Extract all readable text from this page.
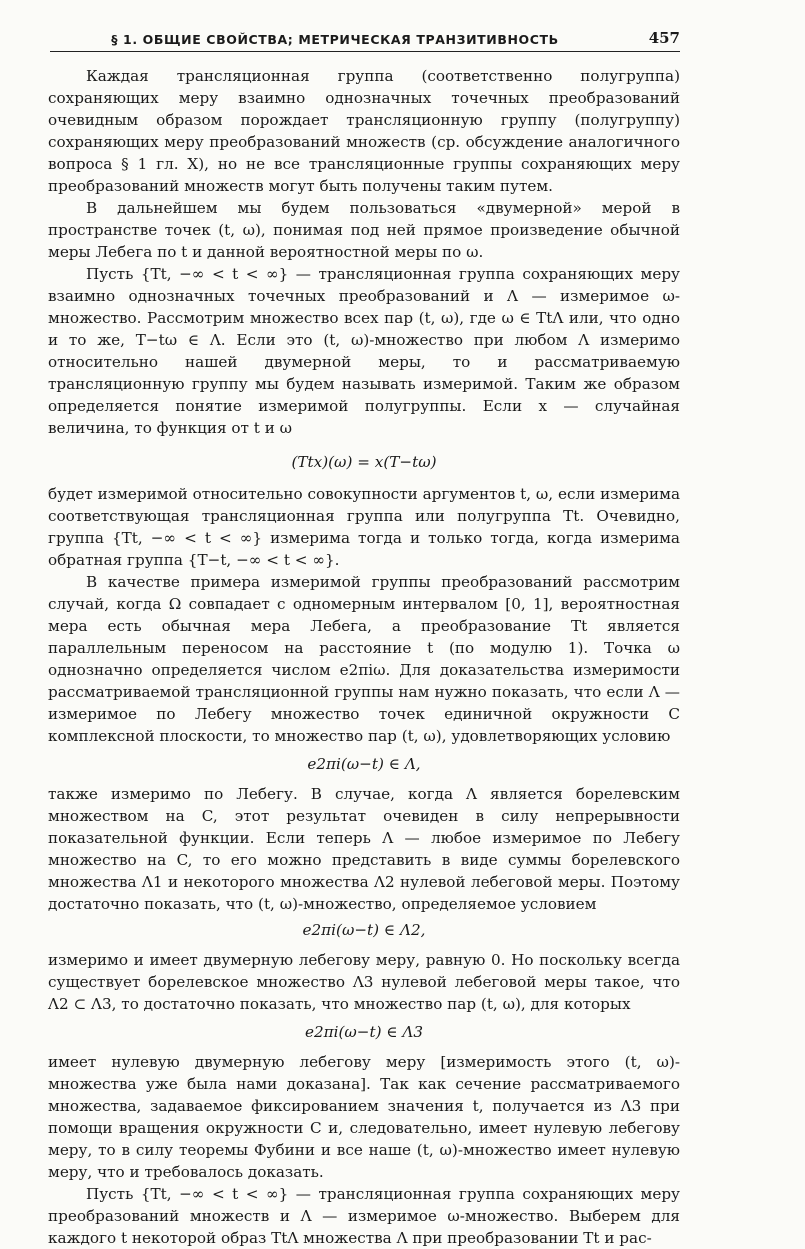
§ 1. ОБЩИЕ СВОЙСТВА; МЕТРИЧЕСКАЯ ТРАНЗИТИВНОСТЬ	457

Каждая трансляционная группа (соответственно полугруппа) сохраняющих меру взаимно однозначных точечных преобразований очевидным образом порождает трансляционную группу (полугруппу) сохраняющих меру преобразований множеств (ср. обсуждение аналогичного вопроса § 1 гл. X), но не все трансляционные группы сохраняющих меру преобразований множеств могут быть получены таким путем.

В дальнейшем мы будем пользоваться «двумерной» мерой в пространстве точек (t, ω), понимая под ней прямое произведение обычной меры Лебега по t и данной вероятностной меры по ω.

Пусть {Tt, −∞ < t < ∞} — трансляционная группа сохраняющих меру взаимно однозначных точечных преобразований и Λ — измеримое ω-множество. Рассмотрим множество всех пар (t, ω), где ω ∈ TtΛ или, что одно и то же, T−tω ∈ Λ. Если это (t, ω)-множество при любом Λ измеримо относительно нашей двумерной меры, то и рассматриваемую трансляционную группу мы будем называть измеримой. Таким же образом определяется понятие измеримой полугруппы. Если x — случайная величина, то функция от t и ω

(Ttx)(ω) = x(T−tω)

будет измеримой относительно совокупности аргументов t, ω, если измерима соответствующая трансляционная группа или полугруппа Tt. Очевидно, группа {Tt, −∞ < t < ∞} измерима тогда и только тогда, когда измерима обратная группа {T−t, −∞ < t < ∞}.

В качестве примера измеримой группы преобразований рассмотрим случай, когда Ω совпадает с одномерным интервалом [0, 1], вероятностная мера есть обычная мера Лебега, а преобразование Tt является параллельным переносом на расстояние t (по модулю 1). Точка ω однозначно определяется числом e2πiω. Для доказательства измеримости рассматриваемой трансляционной группы нам нужно показать, что если Λ — измеримое по Лебегу множество точек единичной окружности C комплексной плоскости, то множество пар (t, ω), удовлетворяющих условию

e2πi(ω−t) ∈ Λ,

также измеримо по Лебегу. В случае, когда Λ является борелевским множеством на C, этот результат очевиден в силу непрерывности показательной функции. Если теперь Λ — любое измеримое по Лебегу множество на C, то его можно представить в виде суммы борелевского множества Λ1 и некоторого множества Λ2 нулевой лебеговой меры. Поэтому достаточно показать, что (t, ω)-множество, определяемое условием

e2πi(ω−t) ∈ Λ2,

измеримо и имеет двумерную лебегову меру, равную 0. Но поскольку всегда существует борелевское множество Λ3 нулевой лебеговой меры такое, что Λ2 ⊂ Λ3, то достаточно показать, что множество пар (t, ω), для которых

e2πi(ω−t) ∈ Λ3

имеет нулевую двумерную лебегову меру [измеримость этого (t, ω)-множества уже была нами доказана]. Так как сечение рассматриваемого множества, задаваемое фиксированием значения t, получается из Λ3 при помощи вращения окружности C и, следовательно, имеет нулевую лебегову меру, то в силу теоремы Фубини и все наше (t, ω)-множество имеет нулевую меру, что и требовалось доказать.

Пусть {Tt, −∞ < t < ∞} — трансляционная группа сохраняющих меру преобразований множеств и Λ — измеримое ω-множество. Выберем для каждого t некоторой образ TtΛ множества Λ при преобразовании Tt и рас-
